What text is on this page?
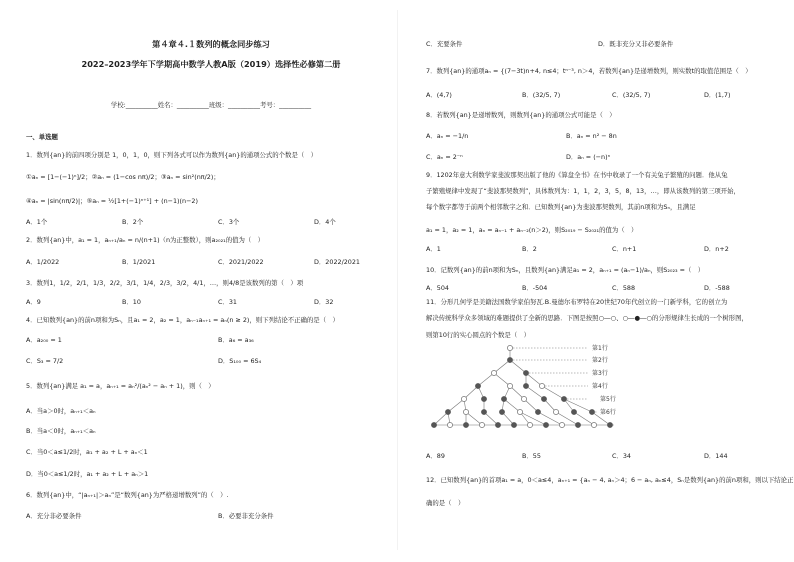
第４章４.１数列的概念同步练习
2022–2023学年下学期高中数学人教A版（2019）选择性必修第二册
学校:__________姓名：__________班级：__________考号：__________
一、单选题
1．数列{an}的前四项分别是 1，0，1，0，则下列各式可以作为数列{an}的通项公式的个数是（　）
①aₙ = [1−(−1)ⁿ]/2；②aₙ = (1−cos nπ)/2；③aₙ = sin²(nπ/2)；
④aₙ = |sin(nπ/2)|；⑤aₙ = ½[1+(−1)ⁿ⁺¹] + (n−1)(n−2)
A．1个	B．2个	C．3个	D．4个
2．数列{an}中，a₁ = 1，aₙ₊₁/aₙ = n/(n+1)（n为正整数），则a₂₀₂₁的值为（　）
A．1/2022	B．1/2021	C．2021/2022	D．2022/2021
3．数列1，1/2，2/1，1/3，2/2，3/1，1/4，2/3，3/2，4/1，…，则4/8是该数列的第（　）项
A．9	B．10	C．31	D．32
4．已知数列{an}的前n项和为Sₙ，且a₁ = 2，a₂ = 1，aₙ₋₁aₙ₊₁ = aₙ(n ≥ 2)，则下列结论不正确的是（　）
A．a₂₀₀ = 1	B．a₆ = a₃₆
C．S₃ = 7/2	D．S₁₀₀ = 6S₄
5．数列{an}满足 a₁ = a，aₙ₊₁ = aₙ²/(aₙ² − aₙ + 1)，则（　）
A．当a＞0时，aₙ₊₁＜aₙ
B．当a＜0时，aₙ₊₁＜aₙ
C．当0＜a≤1/2时，a₁ + a₂ + L + aₙ＜1
D．当0＜a≤1/2时，a₁ + a₂ + L + aₙ＞1
6．数列{an}中，“|aₙ₊₁|＞aₙ”是“数列{an}为严格递增数列”的（　）.
A．充分非必要条件	B．必要非充分条件
C．充要条件	D．既非充分又非必要条件
7．数列{an}的通项aₙ = {(7−3t)n+4, n≤4；tⁿ⁻³, n＞4，若数列{an}是递增数列，则实数t的取值范围是（　）
A．(4,7)	B．(32/5, 7)	C．(32/5, 7)	D．(1,7)
8．若数列{an}是递增数列，则数列{an}的通项公式可能是（　）
A．aₙ = −1/n	B．aₙ = n² − 8n
C．aₙ = 2⁻ⁿ	D．aₙ = (−n)ⁿ
9．1202年意大利数学家斐波那契出版了他的《算盘全书》在书中收录了一个有关兔子繁殖的问题．他从兔
子繁殖规律中发现了“斐波那契数列”，具体数列为：1，1，2，3，5，8，13，…，即从该数列的第三项开始，
每个数字都等于前两个相邻数字之和．已知数列{an}为斐波那契数列，其前n项和为Sₙ，且满足
a₁ = 1，a₂ = 1，aₙ = aₙ₋₁ + aₙ₋₂(n＞2)，则S₂₀₁₉ − S₂₀₂₁的值为（　）
A．1	B．2	C．n+1	D．n+2
10．记数列{an}的前n项和为Sₙ，且数列{an}满足a₁ = 2，aₙ₊₁ = (aₙ−1)/aₙ，则S₂₀₂₃ =（　）
A．504	B．-504	C．588	D．-588
11．分形几何学是美籍法国数学家伯努瓦.B.曼德尔布罗特在20世纪70年代创立的一门新学科，它的创立为
解决传统科学众多领域的难题提供了全新的思路．下图是按照○―○、○―●―○的分形规律生长成的一个树形图，
则第10行的实心圆点的个数是（　）
第1行
第2行
第3行
第4行
第5行
第6行
A．89	B．55	C．34	D．144
12．已知数列{an}的首项a₁ = a，0＜a≤4，aₙ₊₁ = {aₙ − 4, aₙ＞4；6 − aₙ, aₙ≤4，Sₙ是数列{an}的前n项和，则以下结论正
确的是（　）
